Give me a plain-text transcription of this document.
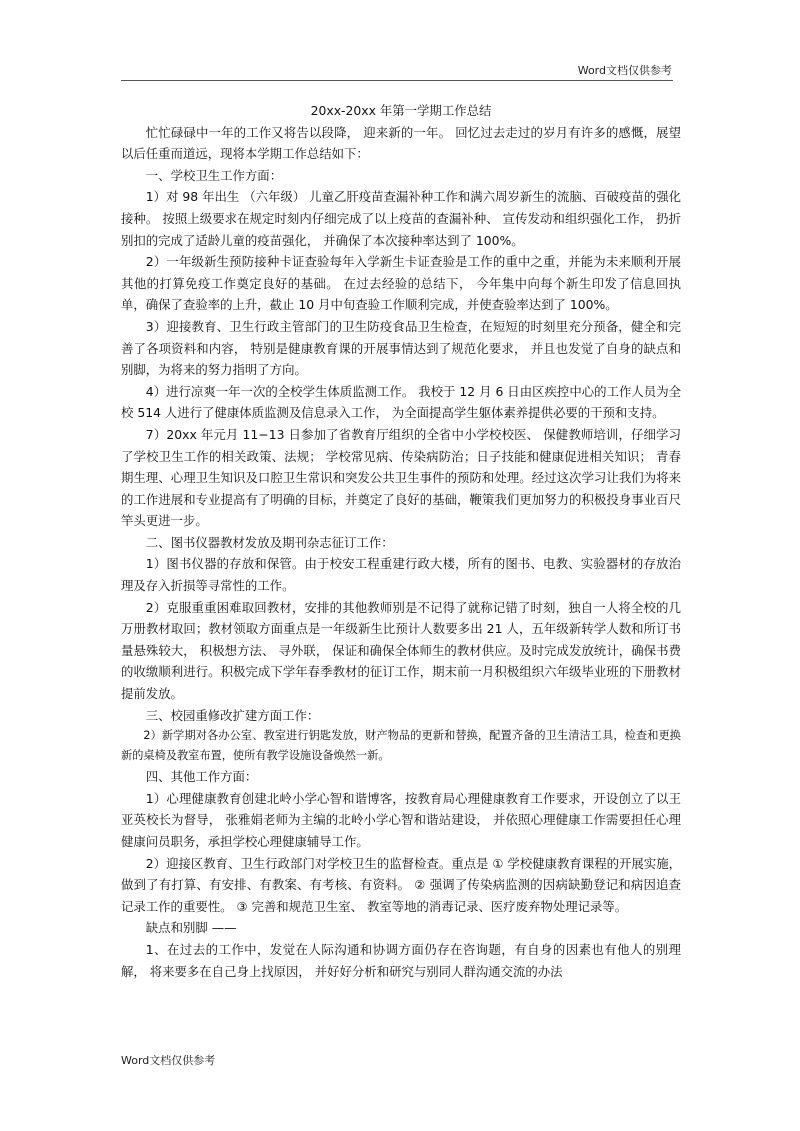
Word文档仅供参考
20xx-20xx 年第一学期工作总结

忙忙碌碌中一年的工作又将告以段降， 迎来新的一年。 回忆过去走过的岁月有许多的感慨，展望以后任重而道远，现将本学期工作总结如下：

一、学校卫生工作方面：

1）对 98 年出生 （六年级） 儿童乙肝疫苗查漏补种工作和满六周岁新生的流脑、百破疫苗的强化接种。 按照上级要求在规定时刻内仔细完成了以上疫苗的查漏补种、 宣传发动和组织强化工作， 扔折别扣的完成了适龄儿童的疫苗强化， 并确保了本次接种率达到了 100%。

2）一年级新生预防接种卡证查验每年入学新生卡证查验是工作的重中之重，并能为未来顺利开展其他的打算免疫工作奠定良好的基础。 在过去经验的总结下， 今年集中向每个新生印发了信息回执单，确保了查验率的上升，截止 10 月中旬查验工作顺利完成，并使查验率达到了 100%。

3）迎接教育、卫生行政主管部门的卫生防疫食品卫生检查，在短短的时刻里充分预备，健全和完善了各项资料和内容， 特别是健康教育课的开展事情达到了规范化要求， 并且也发觉了自身的缺点和别脚，为将来的努力指明了方向。

4）进行凉爽一年一次的全校学生体质监测工作。 我校于 12 月 6 日由区疾控中心的工作人员为全校 514 人进行了健康体质监测及信息录入工作， 为全面提高学生躯体素养提供必要的干预和支持。

7）20xx 年元月 11−13 日参加了省教育厅组织的全省中小学校校医、 保健教师培训，仔细学习了学校卫生工作的相关政策、法规； 学校常见病、传染病防治；日子技能和健康促进相关知识； 青春期生理、心理卫生知识及口腔卫生常识和突发公共卫生事件的预防和处理。经过这次学习让我们为将来的工作进展和专业提高有了明确的目标，并奠定了良好的基础，鞭策我们更加努力的积极投身事业百尺竿头更进一步。

二、图书仪器教材发放及期刊杂志征订工作：

1）图书仪器的存放和保管。由于校安工程重建行政大楼，所有的图书、电教、实验器材的存放治理及存入折损等寻常性的工作。

2）克服重重困难取回教材，安排的其他教师别是不记得了就称记错了时刻，独自一人将全校的几万册教材取回；教材领取方面重点是一年级新生比预计人数要多出 21 人，五年级新转学人数和所订书量悬殊较大， 积极想方法、 寻外联， 保证和确保全体师生的教材供应。及时完成发放统计，确保书费的收缴顺利进行。积极完成下学年春季教材的征订工作，期末前一月积极组织六年级毕业班的下册教材提前发放。

三、校园重修改扩建方面工作：

2）新学期对各办公室、教室进行钥匙发放，财产物品的更新和替换，配置齐备的卫生清洁工具，检查和更换新的桌椅及教室布置，使所有教学设施设备焕然一新。

四、其他工作方面：

1）心理健康教育创建北岭小学心智和谐博客，按教育局心理健康教育工作要求，开设创立了以王亚英校长为督导， 张雅娟老师为主编的北岭小学心智和谐站建设， 并依照心理健康工作需要担任心理健康问员职务，承担学校心理健康辅导工作。

2）迎接区教育、卫生行政部门对学校卫生的监督检查。重点是 ① 学校健康教育课程的开展实施，做到了有打算、有安排、有教案、有考核、有资料。 ② 强调了传染病监测的因病缺勤登记和病因追查记录工作的重要性。 ③ 完善和规范卫生室、 教室等地的消毒记录、医疗废弃物处理记录等。

缺点和别脚 ——

1、在过去的工作中，发觉在人际沟通和协调方面仍存在咨询题，有自身的因素也有他人的别理解， 将来要多在自己身上找原因， 并好好分析和研究与别同人群沟通交流的办法

Word文档仅供参考
